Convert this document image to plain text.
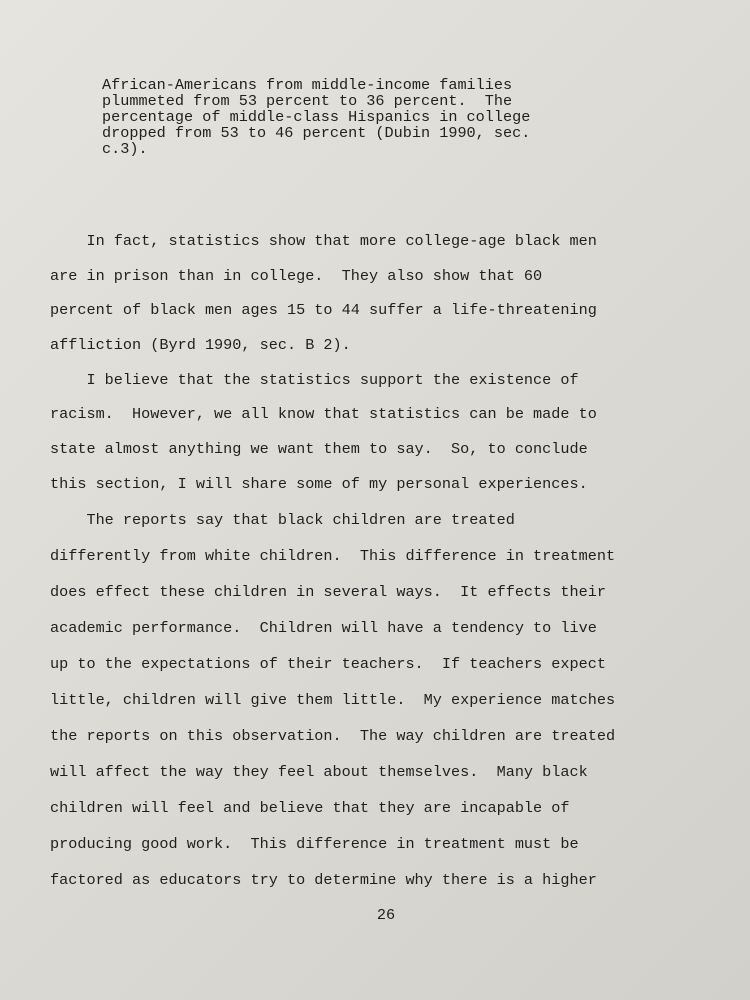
African-Americans from middle-income families
plummeted from 53 percent to 36 percent.  The
percentage of middle-class Hispanics in college
dropped from 53 to 46 percent (Dubin 1990, sec.
c.3).

In fact, statistics show that more college-age black men

are in prison than in college.  They also show that 60

percent of black men ages 15 to 44 suffer a life-threatening

affliction (Byrd 1990, sec. B 2).

I believe that the statistics support the existence of

racism.  However, we all know that statistics can be made to

state almost anything we want them to say.  So, to conclude

this section, I will share some of my personal experiences.

The reports say that black children are treated

differently from white children.  This difference in treatment

does effect these children in several ways.  It effects their

academic performance.  Children will have a tendency to live

up to the expectations of their teachers.  If teachers expect

little, children will give them little.  My experience matches

the reports on this observation.  The way children are treated

will affect the way they feel about themselves.  Many black

children will feel and believe that they are incapable of

producing good work.  This difference in treatment must be

factored as educators try to determine why there is a higher

26
